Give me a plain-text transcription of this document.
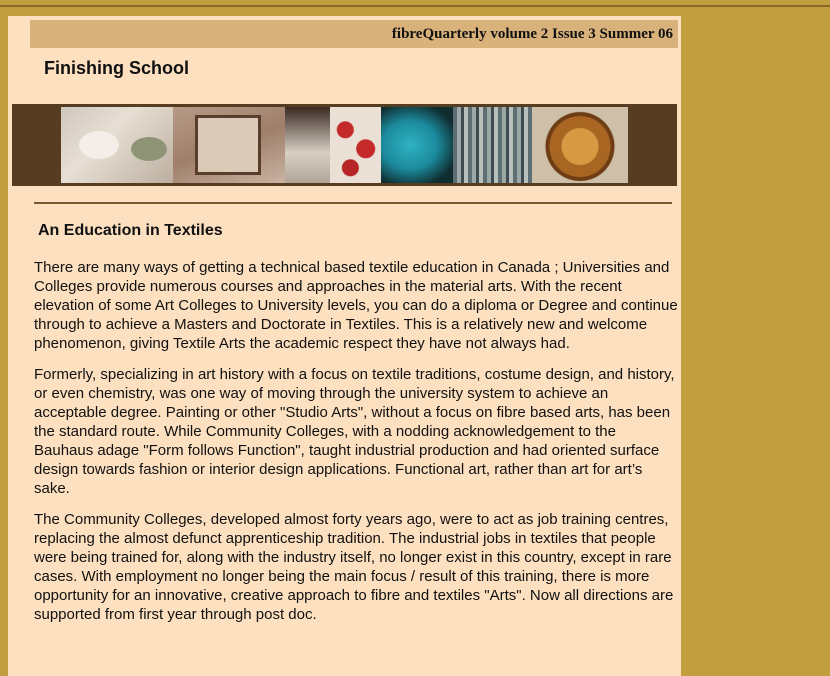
fibreQuarterly volume 2 Issue 3 Summer 06
Finishing School
An Education in Textiles

There are many ways of getting a technical based textile education in Canada ; Universities and Colleges provide numerous courses and approaches in the material arts. With the recent elevation of some Art Colleges to University levels, you can do a diploma or Degree and continue through to achieve a Masters and Doctorate in Textiles. This is a relatively new and welcome phenomenon, giving Textile Arts the academic respect they have not always had.

Formerly, specializing in art history with a focus on textile traditions, costume design, and history, or even chemistry, was one way of moving through the university system to achieve an acceptable degree. Painting or other "Studio Arts", without a focus on fibre based arts, has been the standard route. While Community Colleges, with a nodding acknowledgement to the Bauhaus adage "Form follows Function", taught industrial production and had oriented surface design towards fashion or interior design applications. Functional art, rather than art for art’s sake.

The Community Colleges, developed almost forty years ago, were to act as job training centres, replacing the almost defunct apprenticeship tradition. The industrial jobs in textiles that people were being trained for, along with the industry itself, no longer exist in this country, except in rare cases. With employment no longer being the main focus / result of this training, there is more opportunity for an innovative, creative approach to fibre and textiles "Arts". Now all directions are supported from first year through post doc.
